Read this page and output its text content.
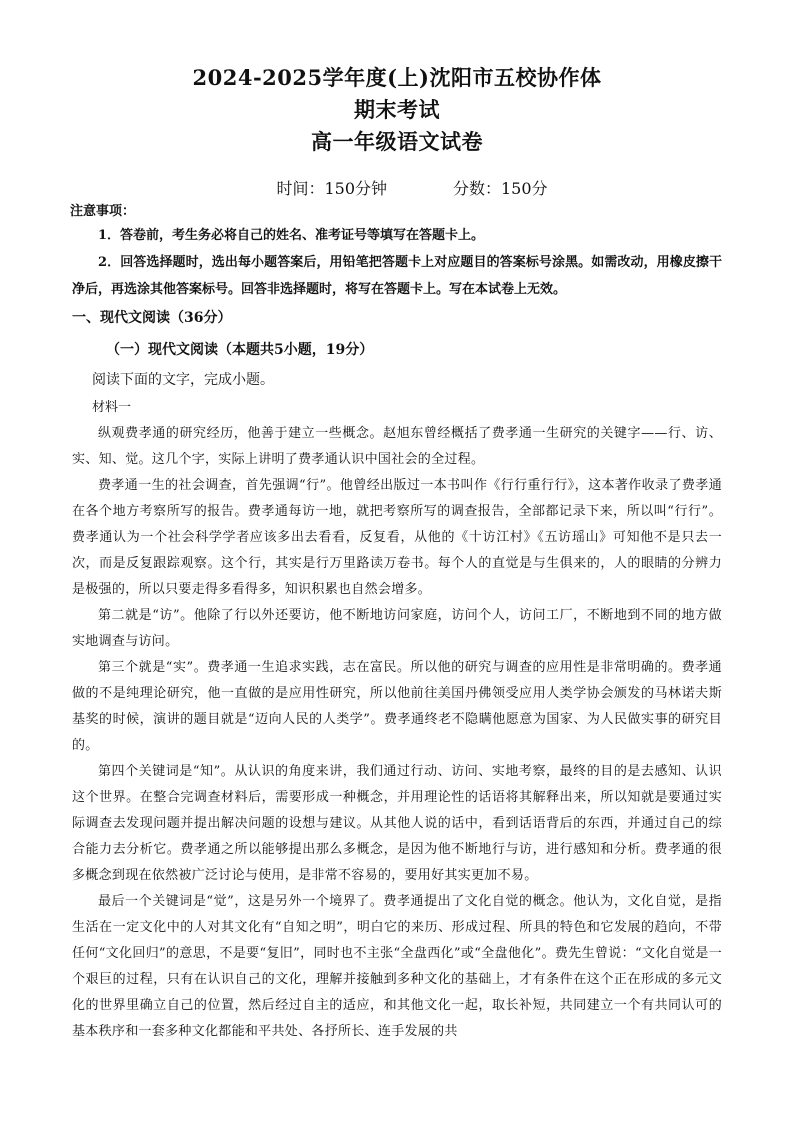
2024-2025学年度(上)沈阳市五校协作体
期末考试
高一年级语文试卷
时间：150分钟	分数：150分
注意事项：
1．答卷前，考生务必将自己的姓名、准考证号等填写在答题卡上。
2．回答选择题时，选出每小题答案后，用铅笔把答题卡上对应题目的答案标号涂黑。如需改动，用橡皮擦干净后，再选涂其他答案标号。回答非选择题时，将写在答题卡上。写在本试卷上无效。
一、现代文阅读（36分）
（一）现代文阅读（本题共5小题，19分）
阅读下面的文字，完成小题。
材料一

纵观费孝通的研究经历，他善于建立一些概念。赵旭东曾经概括了费孝通一生研究的关键字——行、访、实、知、觉。这几个字，实际上讲明了费孝通认识中国社会的全过程。

费孝通一生的社会调查，首先强调“行”。他曾经出版过一本书叫作《行行重行行》，这本著作收录了费孝通在各个地方考察所写的报告。费孝通每访一地，就把考察所写的调查报告，全部都记录下来，所以叫“行行”。费孝通认为一个社会科学学者应该多出去看看，反复看，从他的《十访江村》《五访瑶山》可知他不是只去一次，而是反复跟踪观察。这个行，其实是行万里路读万卷书。每个人的直觉是与生俱来的，人的眼睛的分辨力是极强的，所以只要走得多看得多，知识积累也自然会增多。

第二就是“访”。他除了行以外还要访，他不断地访问家庭，访问个人，访问工厂，不断地到不同的地方做实地调查与访问。

第三个就是“实”。费孝通一生追求实践，志在富民。所以他的研究与调查的应用性是非常明确的。费孝通做的不是纯理论研究，他一直做的是应用性研究，所以他前往美国丹佛领受应用人类学协会颁发的马林诺夫斯基奖的时候，演讲的题目就是“迈向人民的人类学”。费孝通终老不隐瞒他愿意为国家、为人民做实事的研究目的。

第四个关键词是“知”。从认识的角度来讲，我们通过行动、访问、实地考察，最终的目的是去感知、认识这个世界。在整合完调查材料后，需要形成一种概念，并用理论性的话语将其解释出来，所以知就是要通过实际调查去发现问题并提出解决问题的设想与建议。从其他人说的话中，看到话语背后的东西，并通过自己的综合能力去分析它。费孝通之所以能够提出那么多概念，是因为他不断地行与访，进行感知和分析。费孝通的很多概念到现在依然被广泛讨论与使用，是非常不容易的，要用好其实更加不易。

最后一个关键词是“觉”，这是另外一个境界了。费孝通提出了文化自觉的概念。他认为，文化自觉，是指生活在一定文化中的人对其文化有“自知之明”，明白它的来历、形成过程、所具的特色和它发展的趋向，不带任何“文化回归”的意思，不是要“复旧”，同时也不主张“全盘西化”或“全盘他化”。费先生曾说：“文化自觉是一个艰巨的过程，只有在认识自己的文化，理解并接触到多种文化的基础上，才有条件在这个正在形成的多元文化的世界里确立自己的位置，然后经过自主的适应，和其他文化一起，取长补短，共同建立一个有共同认可的基本秩序和一套多种文化都能和平共处、各抒所长、连手发展的共
